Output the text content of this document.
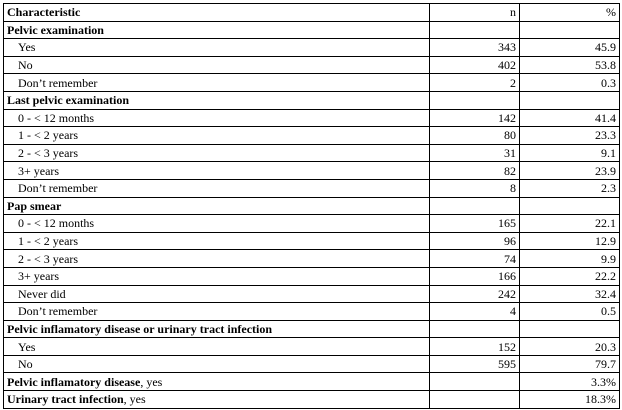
Characteristic	n	%
Pelvic examination		
Yes	343	45.9
No	402	53.8
Don’t remember	2	0.3
Last pelvic examination		
0 - < 12 months	142	41.4
1 - < 2 years	80	23.3
2 - < 3 years	31	9.1
3+ years	82	23.9
Don’t remember	8	2.3
Pap smear		
0 - < 12 months	165	22.1
1 - < 2 years	96	12.9
2 - < 3 years	74	9.9
3+ years	166	22.2
Never did	242	32.4
Don’t remember	4	0.5
Pelvic inflamatory disease or urinary tract infection		
Yes	152	20.3
No	595	79.7
Pelvic inflamatory disease, yes		3.3%
Urinary tract infection, yes		18.3%
